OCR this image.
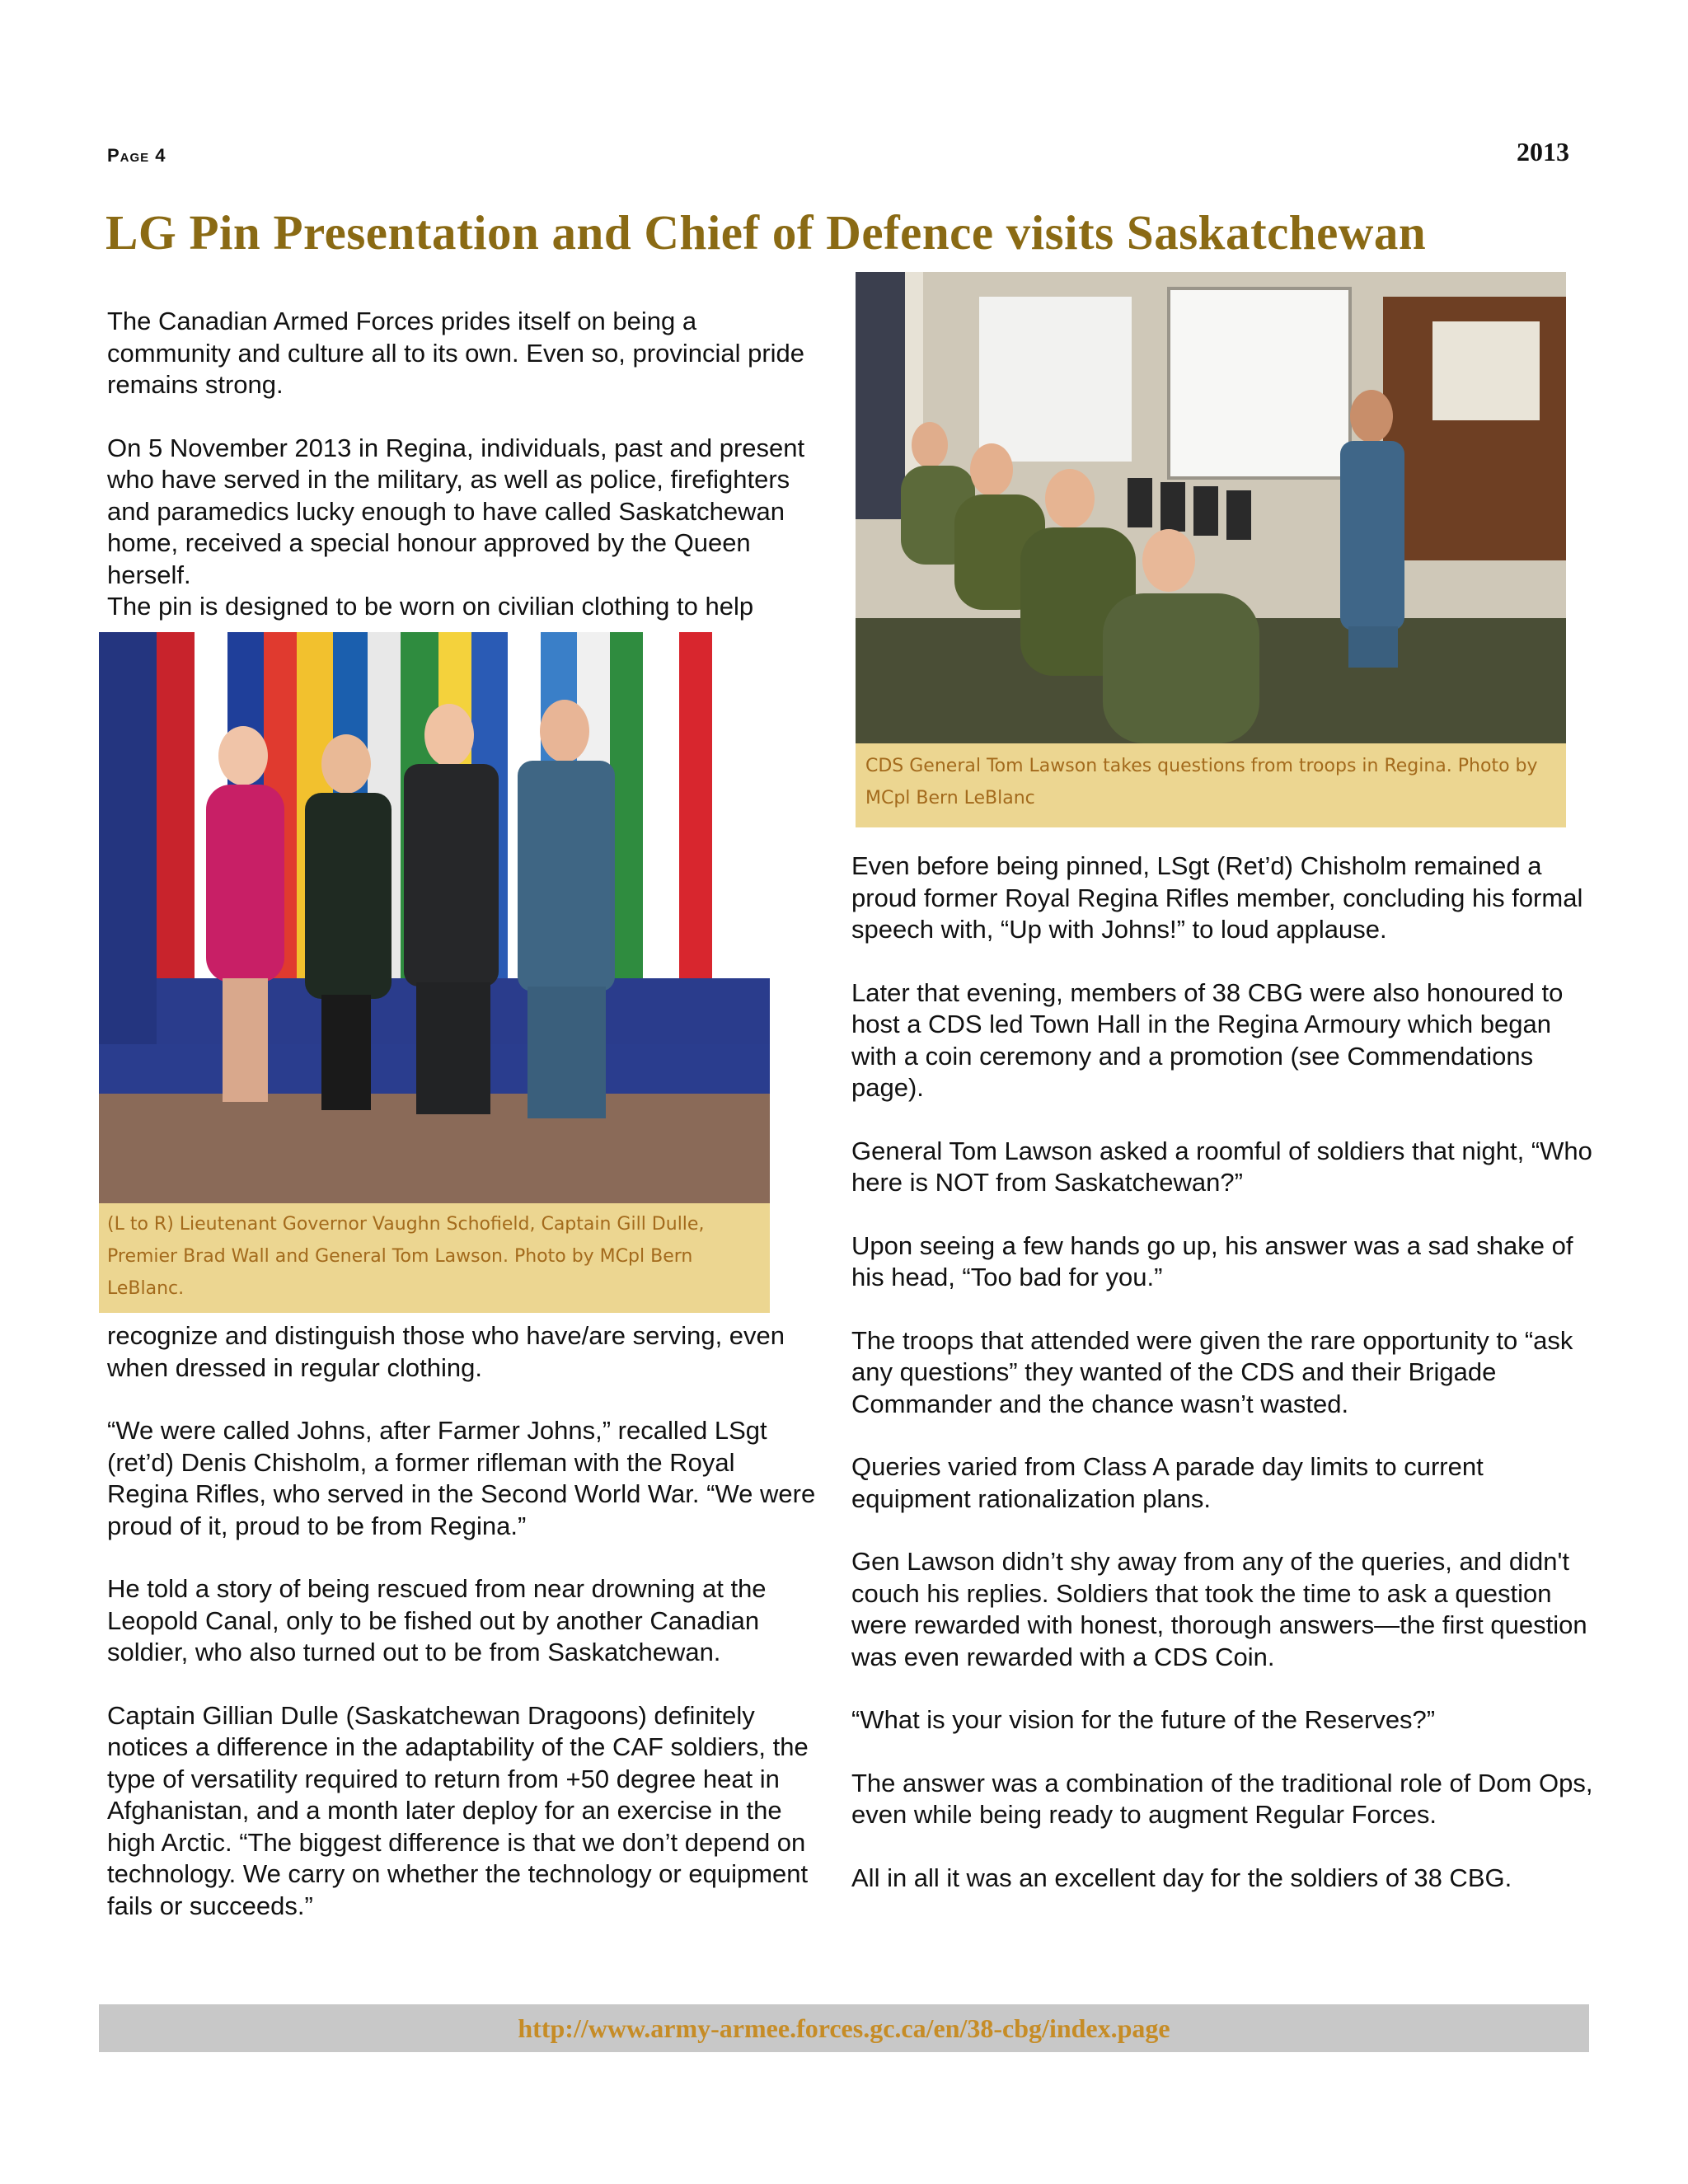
Page 4	2013
LG Pin Presentation and Chief of Defence visits Saskatchewan

The Canadian Armed Forces prides itself on being a community and culture all to its own. Even so, provincial pride remains strong.

On 5 November 2013 in Regina, individuals, past and present who have served in the military, as well as police, firefighters and paramedics lucky enough to have called Saskatchewan home, received a special honour approved by the Queen herself.

The pin is designed to be worn on civilian clothing to help

(L to R) Lieutenant Governor Vaughn Schofield, Captain Gill Dulle, Premier Brad Wall and General Tom Lawson. Photo by MCpl Bern LeBlanc.

recognize and distinguish those who have/are serving, even when dressed in regular clothing.

“We were called Johns, after Farmer Johns,” recalled LSgt (ret’d) Denis Chisholm, a former rifleman with the Royal Regina Rifles, who served in the Second World War. “We were proud of it, proud to be from Regina.”

He told a story of being rescued from near drowning at the Leopold Canal, only to be fished out by another Canadian soldier, who also turned out to be from Saskatchewan.

Captain Gillian Dulle (Saskatchewan Dragoons) definitely notices a difference in the adaptability of the CAF soldiers, the type of versatility required to return from +50 degree heat in Afghanistan, and a month later deploy for an exercise in the high Arctic. “The biggest difference is that we don’t depend on technology. We carry on whether the technology or equipment fails or succeeds.”

CDS General Tom Lawson takes questions from troops in Regina. Photo by MCpl Bern LeBlanc

Even before being pinned, LSgt (Ret’d) Chisholm remained a proud former Royal Regina Rifles member, concluding his formal speech with, “Up with Johns!” to loud applause.

Later that evening, members of 38 CBG were also honoured to host a CDS led Town Hall in the Regina Armoury which began with a coin ceremony and a promotion (see Commendations page).

General Tom Lawson asked a roomful of soldiers that night, “Who here is NOT from Saskatchewan?”

Upon seeing a few hands go up, his answer was a sad shake of his head, “Too bad for you.”

The troops that attended were given the rare opportunity to “ask any questions” they wanted of the CDS and their Brigade Commander and the chance wasn’t wasted.

Queries varied from Class A parade day limits to current equipment rationalization plans.

Gen Lawson didn’t shy away from any of the queries, and didn't couch his replies. Soldiers that took the time to ask a question were rewarded with honest, thorough answers—the first question was even rewarded with a CDS Coin.

“What is your vision for the future of the Reserves?”

The answer was a combination of the traditional role of Dom Ops, even while being ready to augment Regular Forces.

All in all it was an excellent day for the soldiers of 38 CBG.

http://www.army-armee.forces.gc.ca/en/38-cbg/index.page
